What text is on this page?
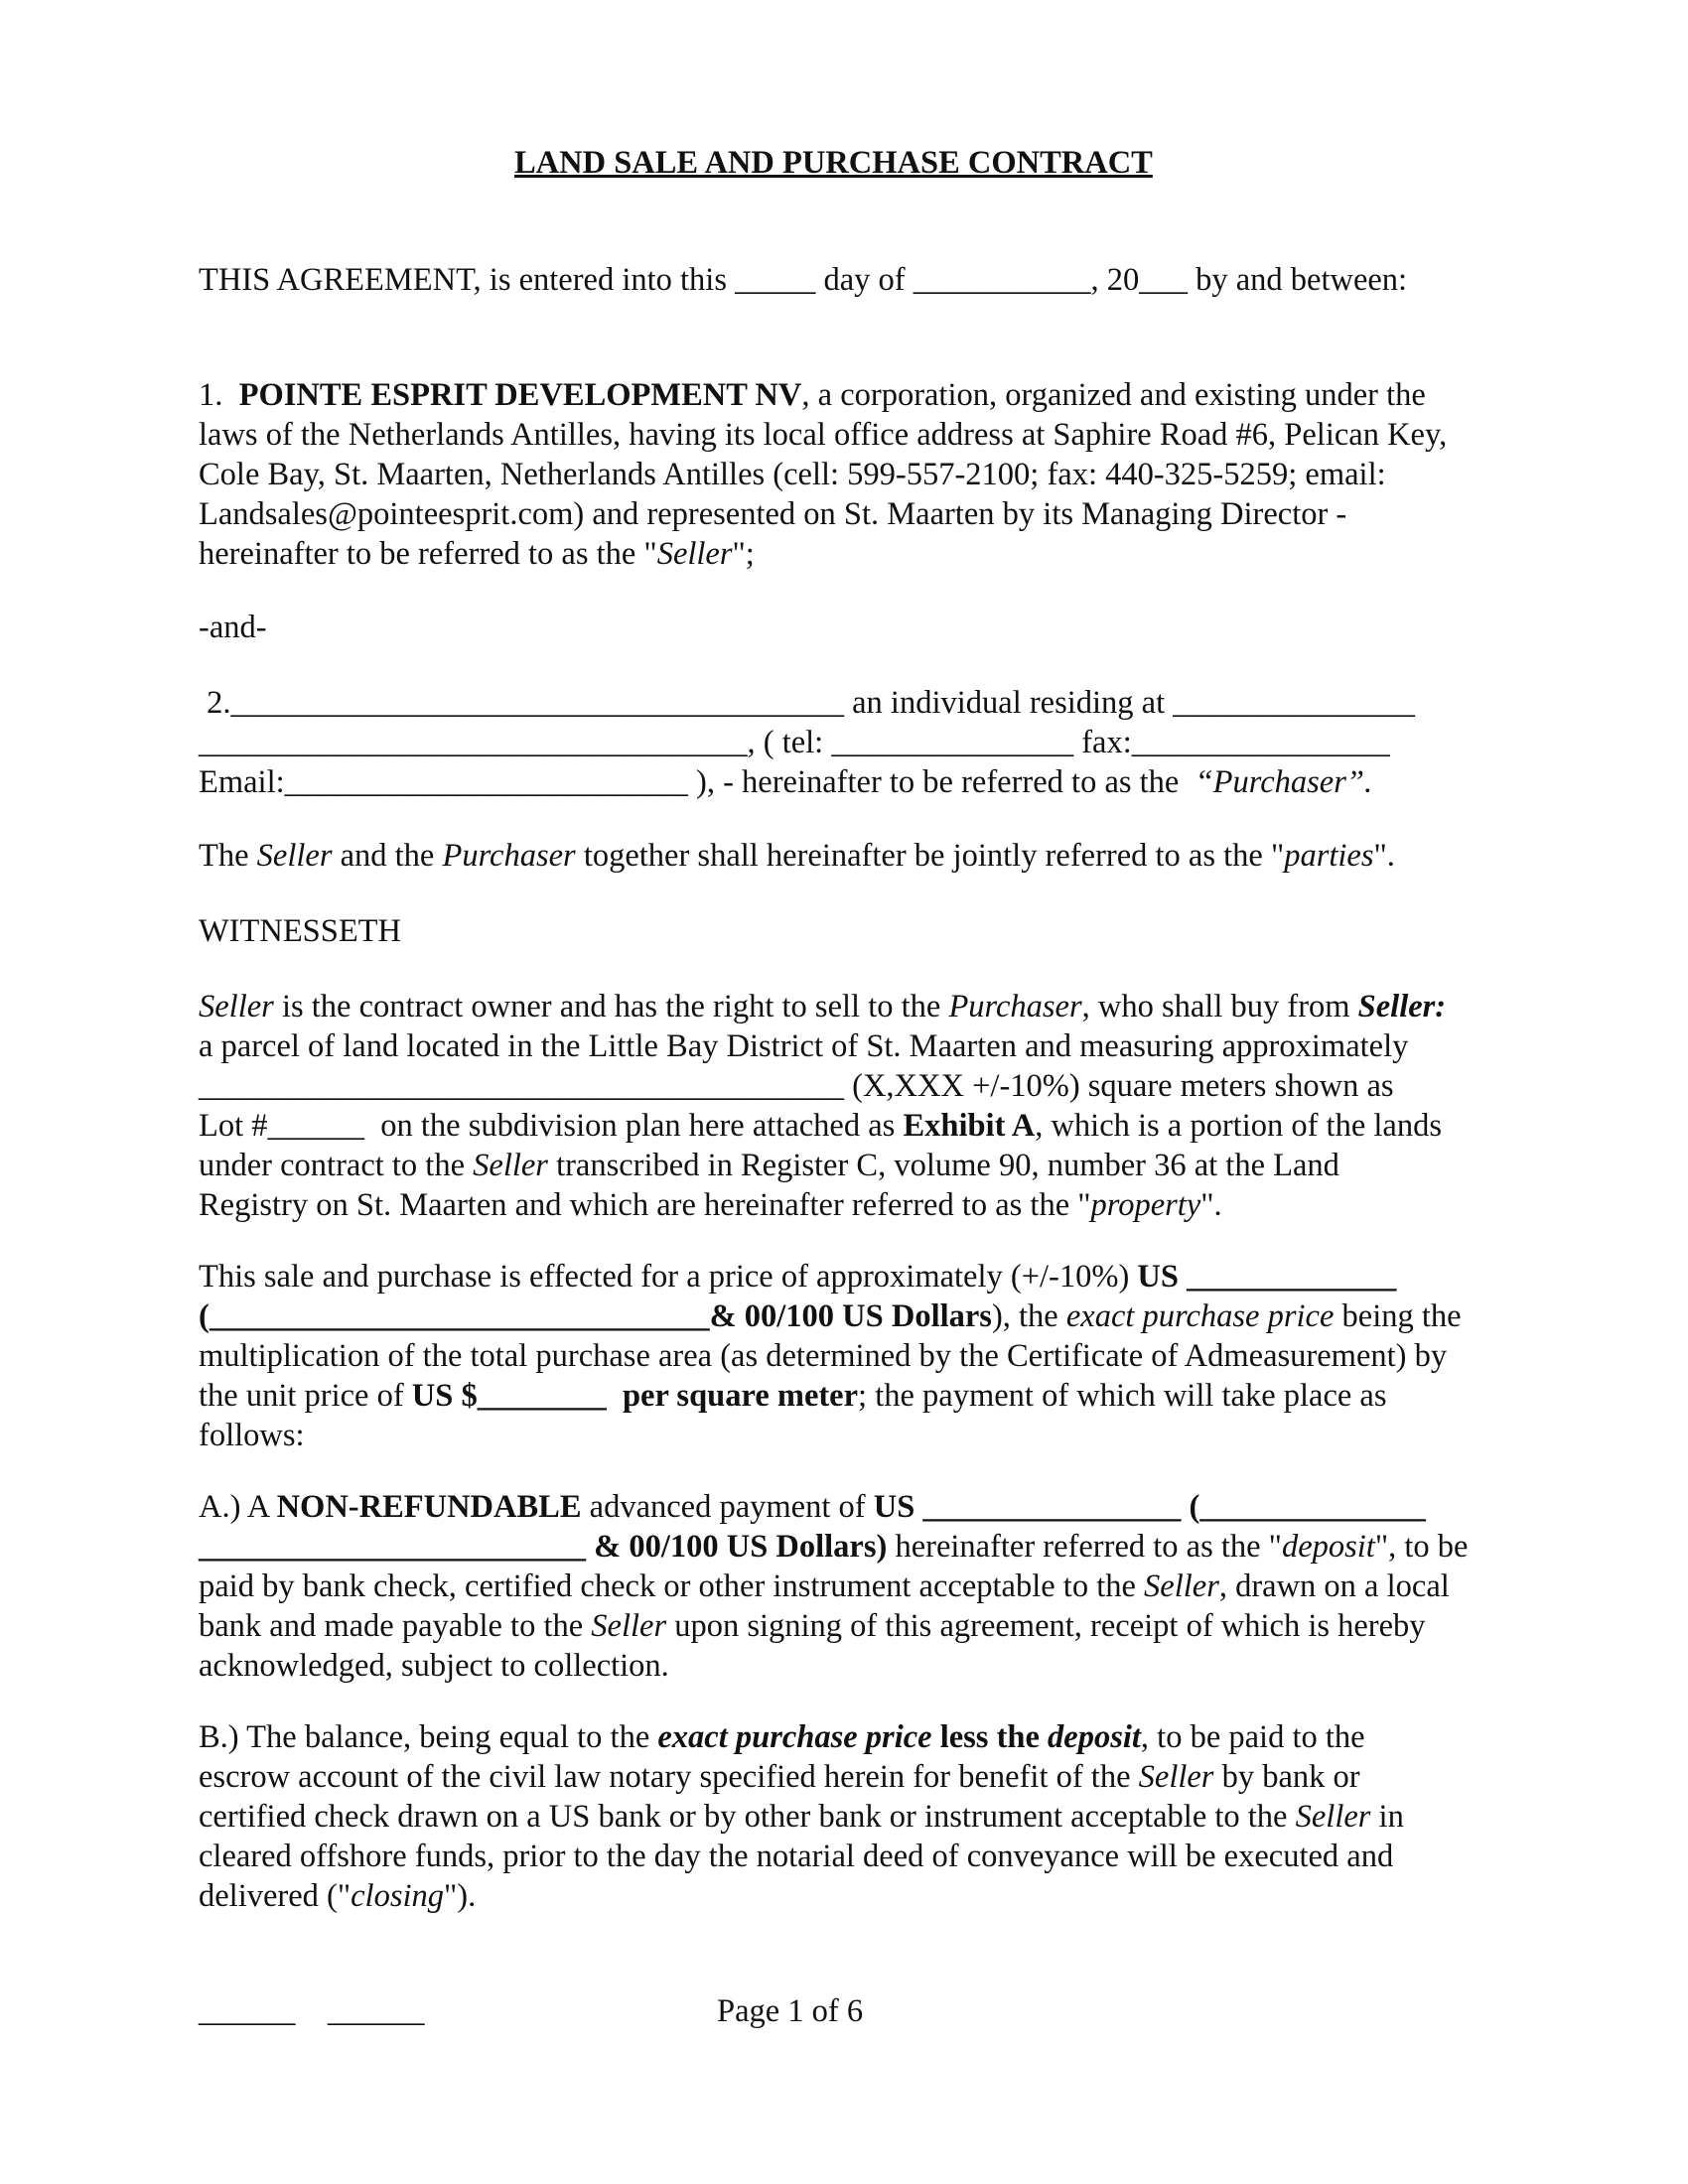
LAND SALE AND PURCHASE CONTRACT
THIS AGREEMENT, is entered into this _____ day of ___________, 20___ by and between:
1.  POINTE ESPRIT DEVELOPMENT NV, a corporation, organized and existing under the
laws of the Netherlands Antilles, having its local office address at Saphire Road #6, Pelican Key,
Cole Bay, St. Maarten, Netherlands Antilles (cell: 599-557-2100; fax: 440-325-5259; email:
Landsales@pointeesprit.com) and represented on St. Maarten by its Managing Director -
hereinafter to be referred to as the "Seller";
-and-
2.______________________________________ an individual residing at _______________
__________________________________, ( tel: _______________ fax:________________
Email:_________________________ ), - hereinafter to be referred to as the  “Purchaser”.
The Seller and the Purchaser together shall hereinafter be jointly referred to as the "parties".
WITNESSETH
Seller is the contract owner and has the right to sell to the Purchaser, who shall buy from Seller:
a parcel of land located in the Little Bay District of St. Maarten and measuring approximately
________________________________________ (X,XXX +/-10%) square meters shown as
Lot #______  on the subdivision plan here attached as Exhibit A, which is a portion of the lands
under contract to the Seller transcribed in Register C, volume 90, number 36 at the Land
Registry on St. Maarten and which are hereinafter referred to as the "property".
This sale and purchase is effected for a price of approximately (+/-10%) US _____________
(_______________________________& 00/100 US Dollars), the exact purchase price being the
multiplication of the total purchase area (as determined by the Certificate of Admeasurement) by
the unit price of US $________  per square meter; the payment of which will take place as
follows:
A.) A NON-REFUNDABLE advanced payment of US ________________ (______________
________________________ & 00/100 US Dollars) hereinafter referred to as the "deposit", to be
paid by bank check, certified check or other instrument acceptable to the Seller, drawn on a local
bank and made payable to the Seller upon signing of this agreement, receipt of which is hereby
acknowledged, subject to collection.
B.) The balance, being equal to the exact purchase price less the deposit, to be paid to the
escrow account of the civil law notary specified herein for benefit of the Seller by bank or
certified check drawn on a US bank or by other bank or instrument acceptable to the Seller in
cleared offshore funds, prior to the day the notarial deed of conveyance will be executed and
delivered ("closing").
______    ______	Page 1 of 6
